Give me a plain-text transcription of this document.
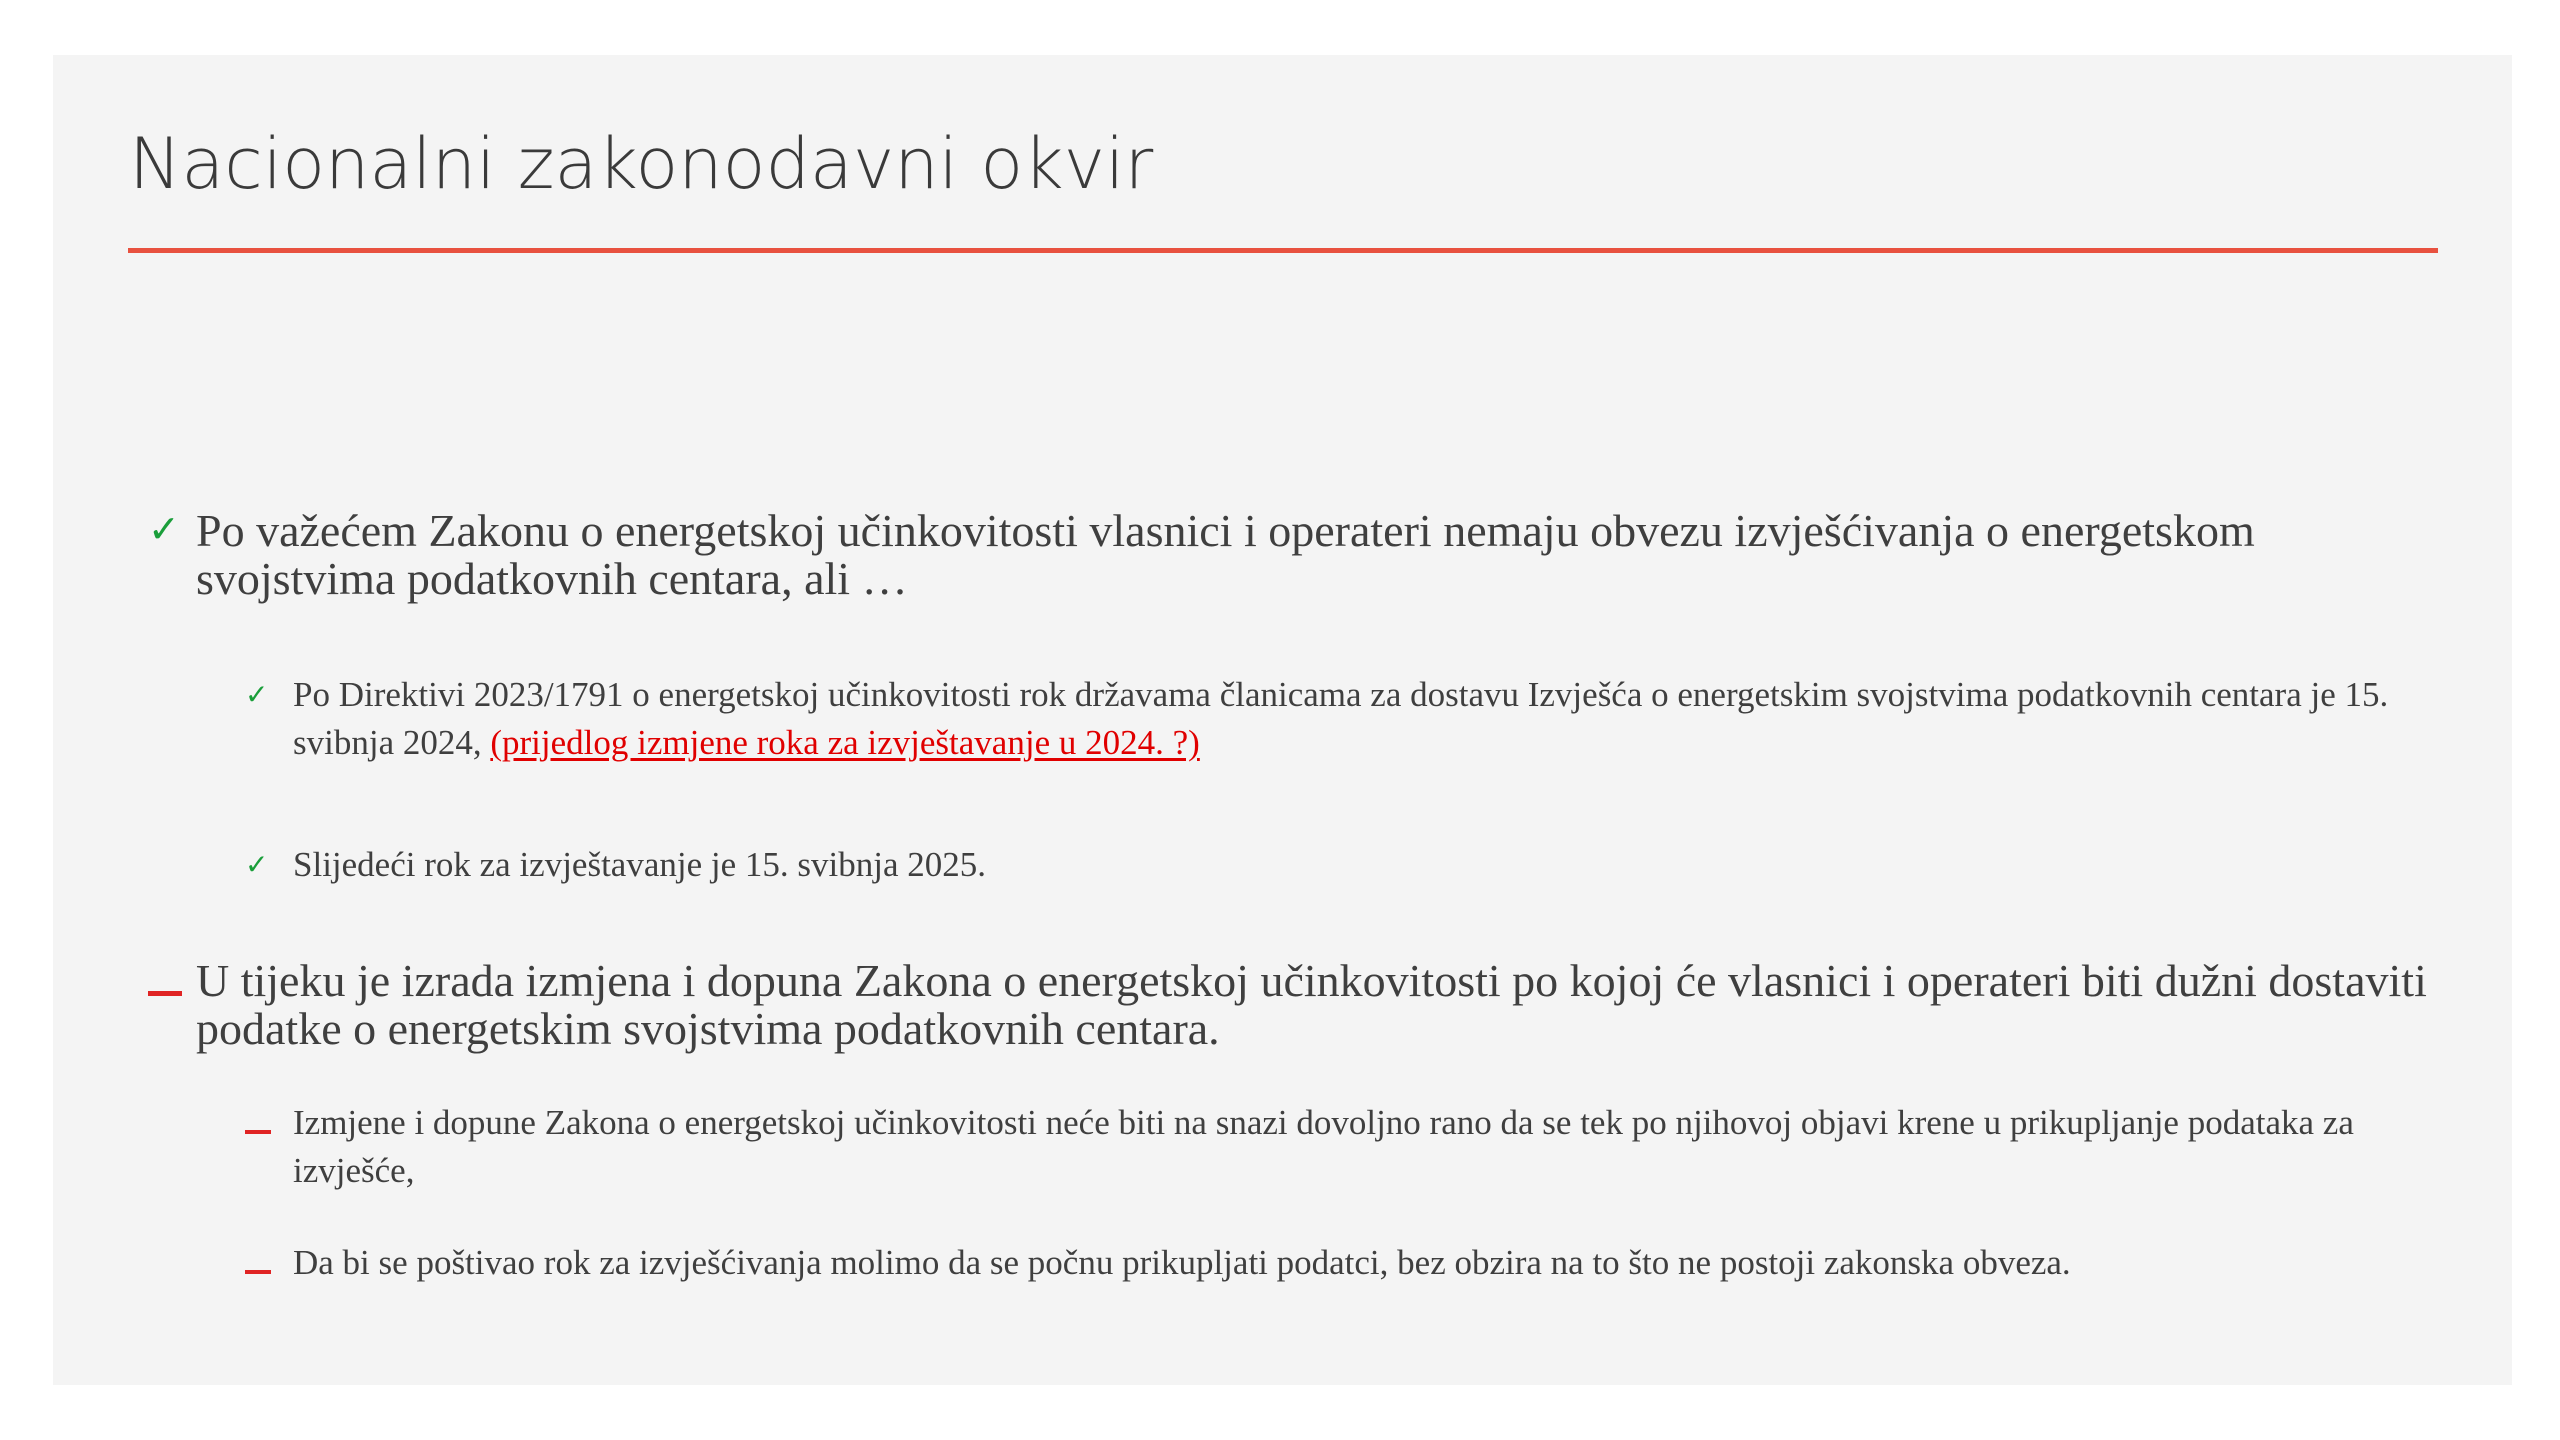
Nacionalni zakonodavni okvir
✓ Po važećem Zakonu o energetskoj učinkovitosti vlasnici i operateri nemaju obvezu izvješćivanja o energetskom svojstvima podatkovnih centara, ali …
✓ Po Direktivi 2023/1791 o energetskoj učinkovitosti rok državama članicama za dostavu Izvješća o energetskim svojstvima podatkovnih centara je 15. svibnja 2024, (prijedlog izmjene roka za izvještavanje u 2024. ?)
✓ Slijedeći rok za izvještavanje je 15. svibnja 2025.
U tijeku je izrada izmjena i dopuna Zakona o energetskoj učinkovitosti po kojoj će vlasnici i operateri biti dužni dostaviti podatke o energetskim svojstvima podatkovnih centara.
Izmjene i dopune Zakona o energetskoj učinkovitosti neće biti na snazi dovoljno rano da se tek po njihovoj objavi krene u prikupljanje podataka za izvješće,
Da bi se poštivao rok za izvješćivanja molimo da se počnu prikupljati podatci, bez obzira na to što ne postoji zakonska obveza.
